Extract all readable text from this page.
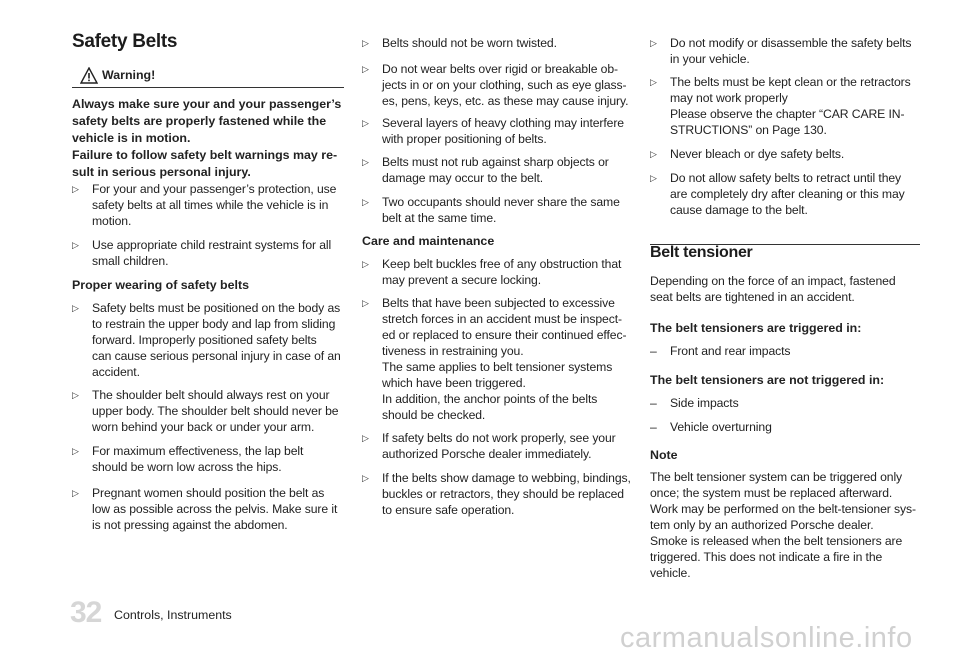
Safety Belts
Warning!

Always make sure your and your passenger’s

safety belts are properly fastened while the

vehicle is in motion.

Failure to follow safety belt warnings may re-

sult in serious personal injury.

▷ For your and your passenger’s protection, use

safety belts at all times while the vehicle is in

motion.

▷ Use appropriate child restraint systems for all

small children.

Proper wearing of safety belts

▷ Safety belts must be positioned on the body as

to restrain the upper body and lap from sliding

forward. Improperly positioned safety belts

can cause serious personal injury in case of an

accident.

▷ The shoulder belt should always rest on your

upper body. The shoulder belt should never be

worn behind your back or under your arm.

▷ For maximum effectiveness, the lap belt

should be worn low across the hips.

▷ Pregnant women should position the belt as

low as possible across the pelvis. Make sure it

is not pressing against the abdomen.

▷ Belts should not be worn twisted.

▷ Do not wear belts over rigid or breakable ob-

jects in or on your clothing, such as eye glass-

es, pens, keys, etc. as these may cause injury.

▷ Several layers of heavy clothing may interfere

with proper positioning of belts.

▷ Belts must not rub against sharp objects or

damage may occur to the belt.

▷ Two occupants should never share the same

belt at the same time.

Care and maintenance

▷ Keep belt buckles free of any obstruction that

may prevent a secure locking.

▷ Belts that have been subjected to excessive

stretch forces in an accident must be inspect-

ed or replaced to ensure their continued effec-

tiveness in restraining you.

The same applies to belt tensioner systems

which have been triggered.

In addition, the anchor points of the belts

should be checked.

▷ If safety belts do not work properly, see your

authorized Porsche dealer immediately.

▷ If the belts show damage to webbing, bindings,

buckles or retractors, they should be replaced

to ensure safe operation.

▷ Do not modify or disassemble the safety belts

in your vehicle.

▷ The belts must be kept clean or the retractors

may not work properly

Please observe the chapter “CAR CARE IN-

STRUCTIONS” on Page 130.

▷ Never bleach or dye safety belts.

▷ Do not allow safety belts to retract until they

are completely dry after cleaning or this may

cause damage to the belt.

Belt tensioner

Depending on the force of an impact, fastened

seat belts are tightened in an accident.

The belt tensioners are triggered in:

– Front and rear impacts

The belt tensioners are not triggered in:

– Side impacts
– Vehicle overturning

Note

The belt tensioner system can be triggered only

once; the system must be replaced afterward.

Work may be performed on the belt-tensioner sys-

tem only by an authorized Porsche dealer.

Smoke is released when the belt tensioners are

triggered. This does not indicate a fire in the

vehicle.

32 Controls, Instruments
carmanualsonline.info
